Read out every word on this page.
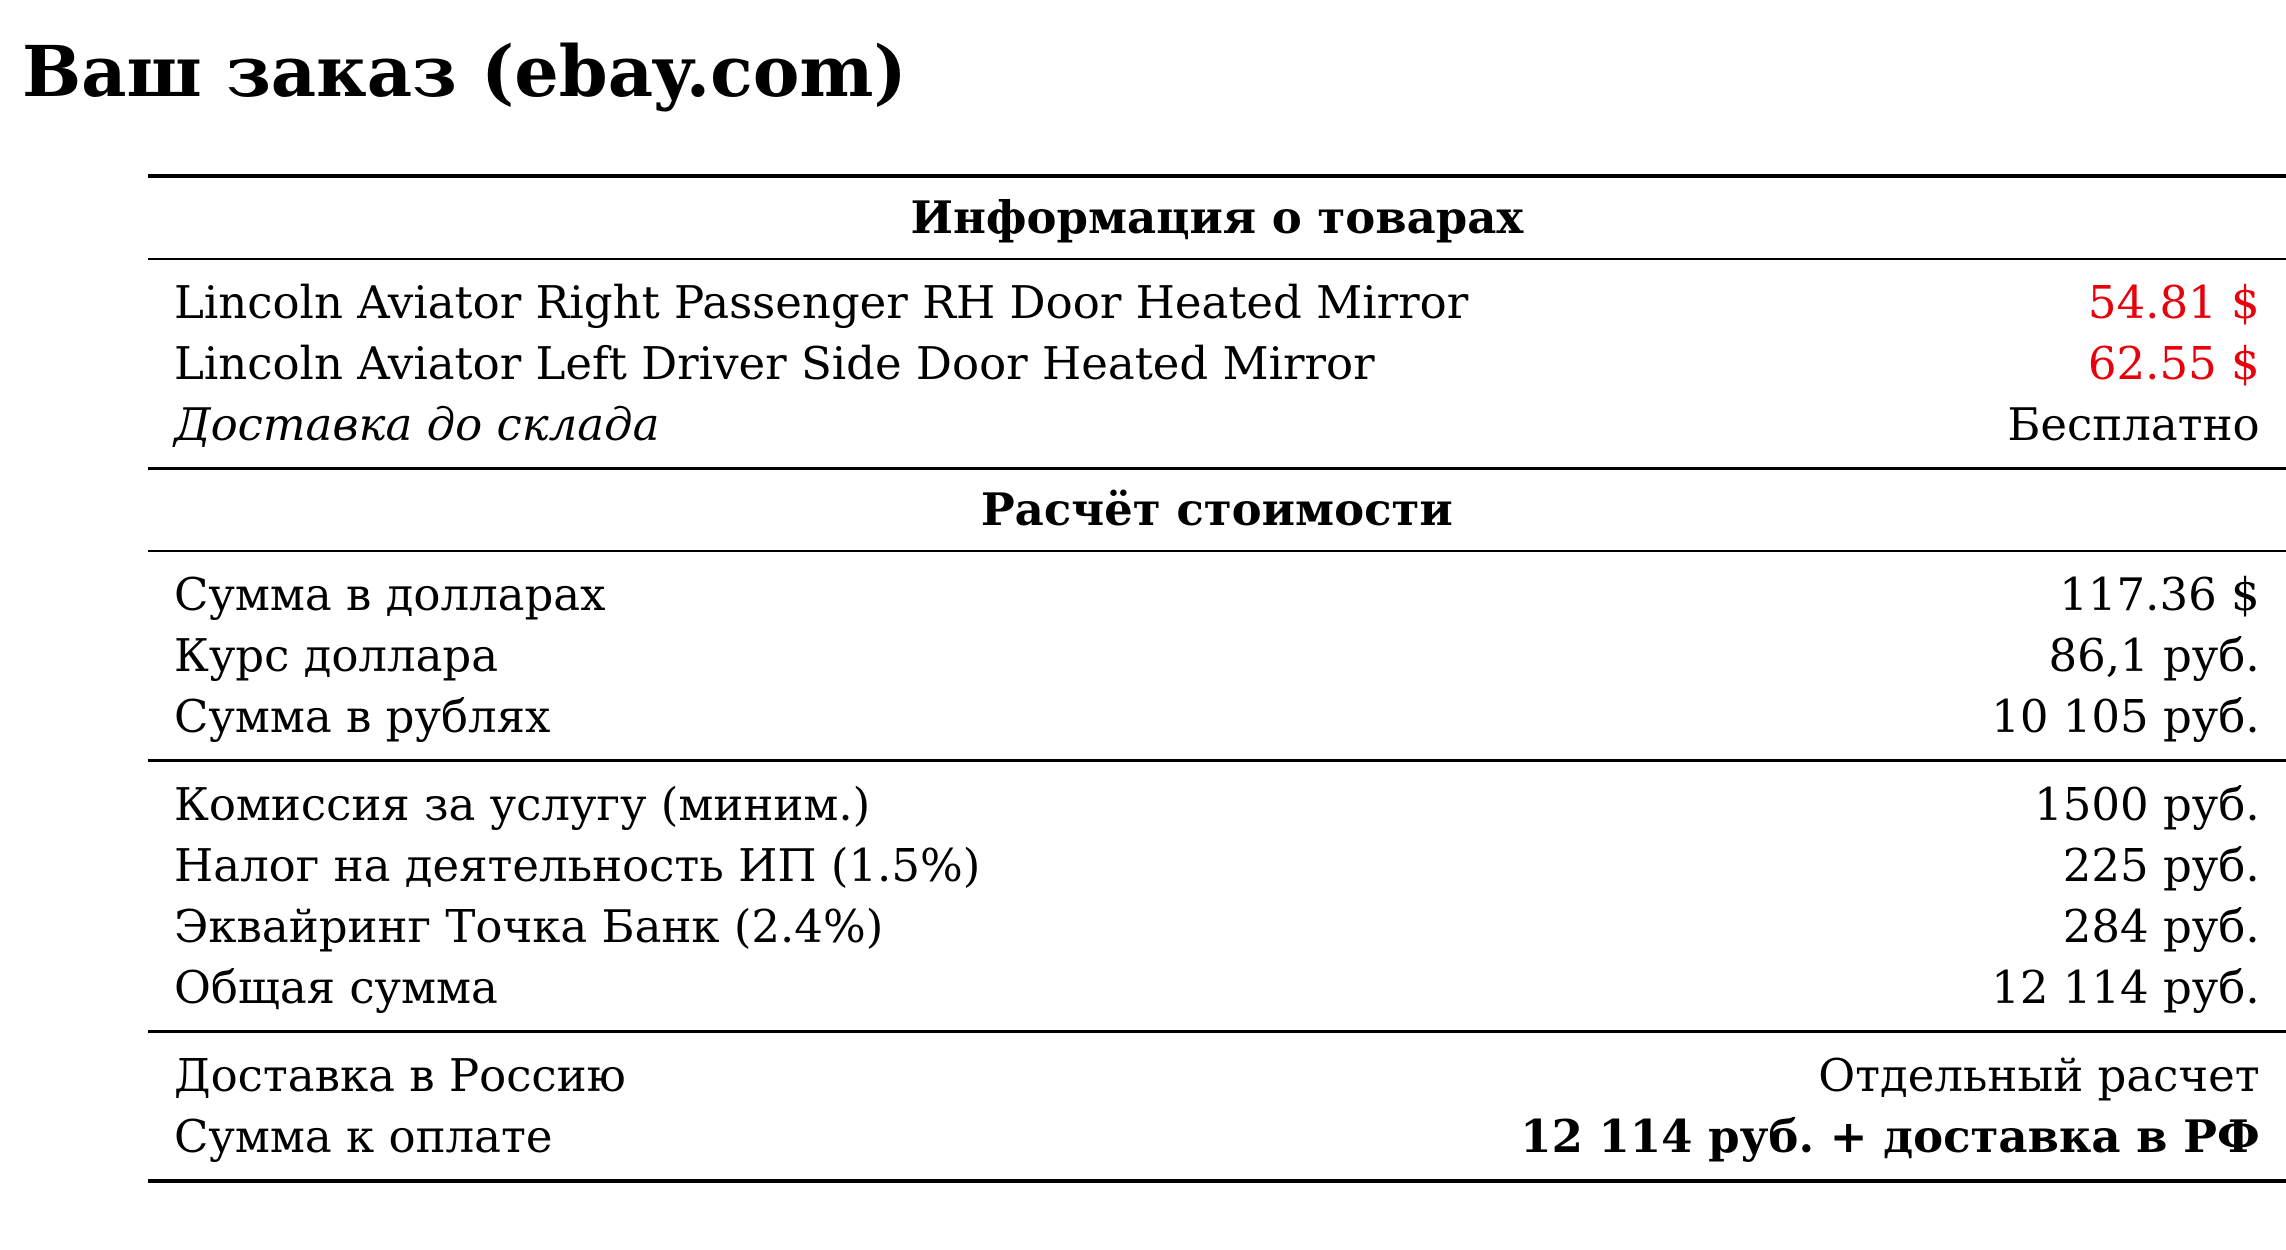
Ваш заказ (ebay.com)
Информация о товарах	
Lincoln Aviator Right Passenger RH Door Heated Mirror	54.81 $
Lincoln Aviator Left Driver Side Door Heated Mirror	62.55 $
Доставка до склада	Бесплатно
Расчёт стоимости	
Сумма в долларах	117.36 $
Курс доллара	86,1 руб.
Сумма в рублях	10 105 руб.
Комиссия за услугу (миним.)	1500 руб.
Налог на деятельность ИП (1.5%)	225 руб.
Эквайринг Точка Банк (2.4%)	284 руб.
Общая сумма	12 114 руб.
Доставка в Россию	Отдельный расчет
Сумма к оплате	12 114 руб. + доставка в РФ
